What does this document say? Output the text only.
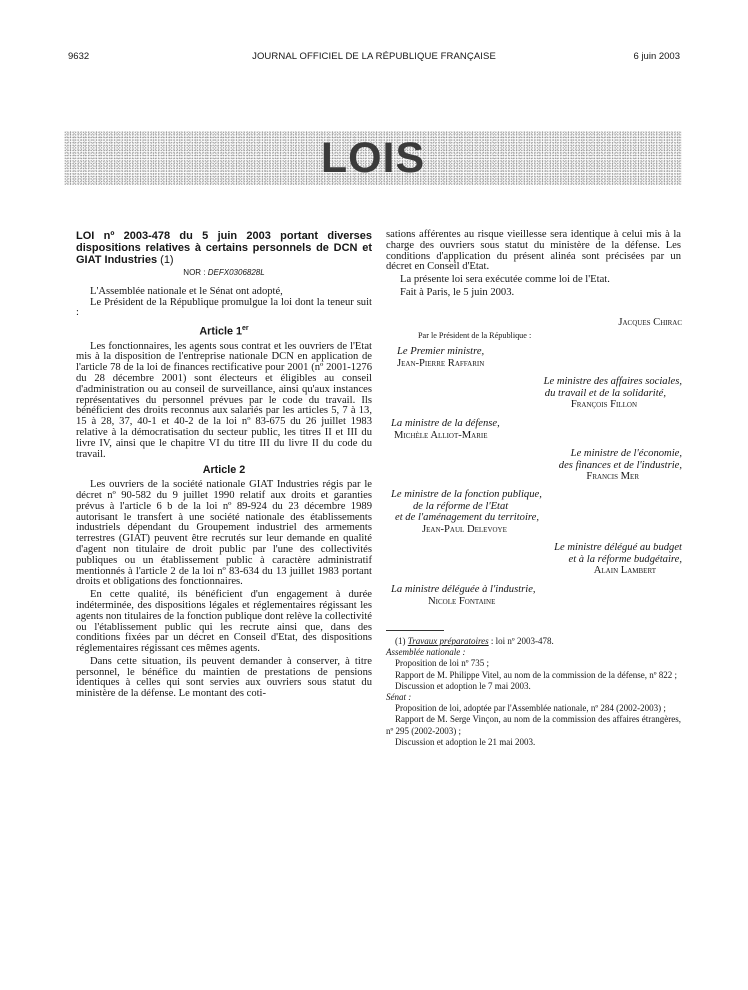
9632	JOURNAL OFFICIEL DE LA RÉPUBLIQUE FRANÇAISE	6 juin 2003
LOIS

LOI nº 2003-478 du 5 juin 2003 portant diverses dispositions relatives à certains personnels de DCN et GIAT Industries (1)

NOR : DEFX0306828L

L'Assemblée nationale et le Sénat ont adopté,

Le Président de la République promulgue la loi dont la teneur suit :

Article 1er

Les fonctionnaires, les agents sous contrat et les ouvriers de l'Etat mis à la disposition de l'entreprise nationale DCN en application de l'article 78 de la loi de finances rectificative pour 2001 (nº 2001-1276 du 28 décembre 2001) sont électeurs et éligibles au conseil d'administration ou au conseil de surveillance, ainsi qu'aux instances représentatives du personnel prévues par le code du travail. Ils bénéficient des droits reconnus aux salariés par les articles 5, 7 à 13, 15 à 28, 37, 40-1 et 40-2 de la loi nº 83-675 du 26 juillet 1983 relative à la démocratisation du secteur public, les titres II et III du livre IV, ainsi que le chapitre VI du titre III du livre II du code du travail.

Article 2

Les ouvriers de la société nationale GIAT Industries régis par le décret nº 90-582 du 9 juillet 1990 relatif aux droits et garanties prévus à l'article 6 b de la loi nº 89-924 du 23 décembre 1989 autorisant le transfert à une société nationale des établissements industriels dépendant du Groupement industriel des armements terrestres (GIAT) peuvent être recrutés sur leur demande en qualité d'agent non titulaire de droit public par l'une des collectivités publiques ou un établissement public à caractère administratif mentionnés à l'article 2 de la loi nº 83-634 du 13 juillet 1983 portant droits et obligations des fonctionnaires.

En cette qualité, ils bénéficient d'un engagement à durée indéterminée, des dispositions légales et réglementaires régissant les agents non titulaires de la fonction publique dont relève la collectivité ou l'établissement public qui les recrute ainsi que, dans des conditions fixées par un décret en Conseil d'Etat, des dispositions réglementaires régissant ces mêmes agents.

Dans cette situation, ils peuvent demander à conserver, à titre personnel, le bénéfice du maintien de prestations de pensions identiques à celles qui sont servies aux ouvriers sous statut du ministère de la défense. Le montant des coti-

sations afférentes au risque vieillesse sera identique à celui mis à la charge des ouvriers sous statut du ministère de la défense. Les conditions d'application du présent alinéa sont précisées par un décret en Conseil d'Etat.

La présente loi sera exécutée comme loi de l'Etat.

Fait à Paris, le 5 juin 2003.

Jacques Chirac
Par le Président de la République :
Le Premier ministre,
Jean-Pierre Raffarin
Le ministre des affaires sociales,
du travail et de la solidarité,
François Fillon
La ministre de la défense,
Michèle Alliot-Marie
Le ministre de l'économie,
des finances et de l'industrie,
Francis Mer
Le ministre de la fonction publique,
de la réforme de l'Etat
et de l'aménagement du territoire,
Jean-Paul Delevoye
Le ministre délégué au budget
et à la réforme budgétaire,
Alain Lambert
La ministre déléguée à l'industrie,
Nicole Fontaine
(1) Travaux préparatoires : loi nº 2003-478.
Assemblée nationale :
Proposition de loi nº 735 ;
Rapport de M. Philippe Vitel, au nom de la commission de la défense, nº 822 ;
Discussion et adoption le 7 mai 2003.
Sénat :
Proposition de loi, adoptée par l'Assemblée nationale, nº 284 (2002-2003) ;
Rapport de M. Serge Vinçon, au nom de la commission des affaires étrangères, nº 295 (2002-2003) ;
Discussion et adoption le 21 mai 2003.
